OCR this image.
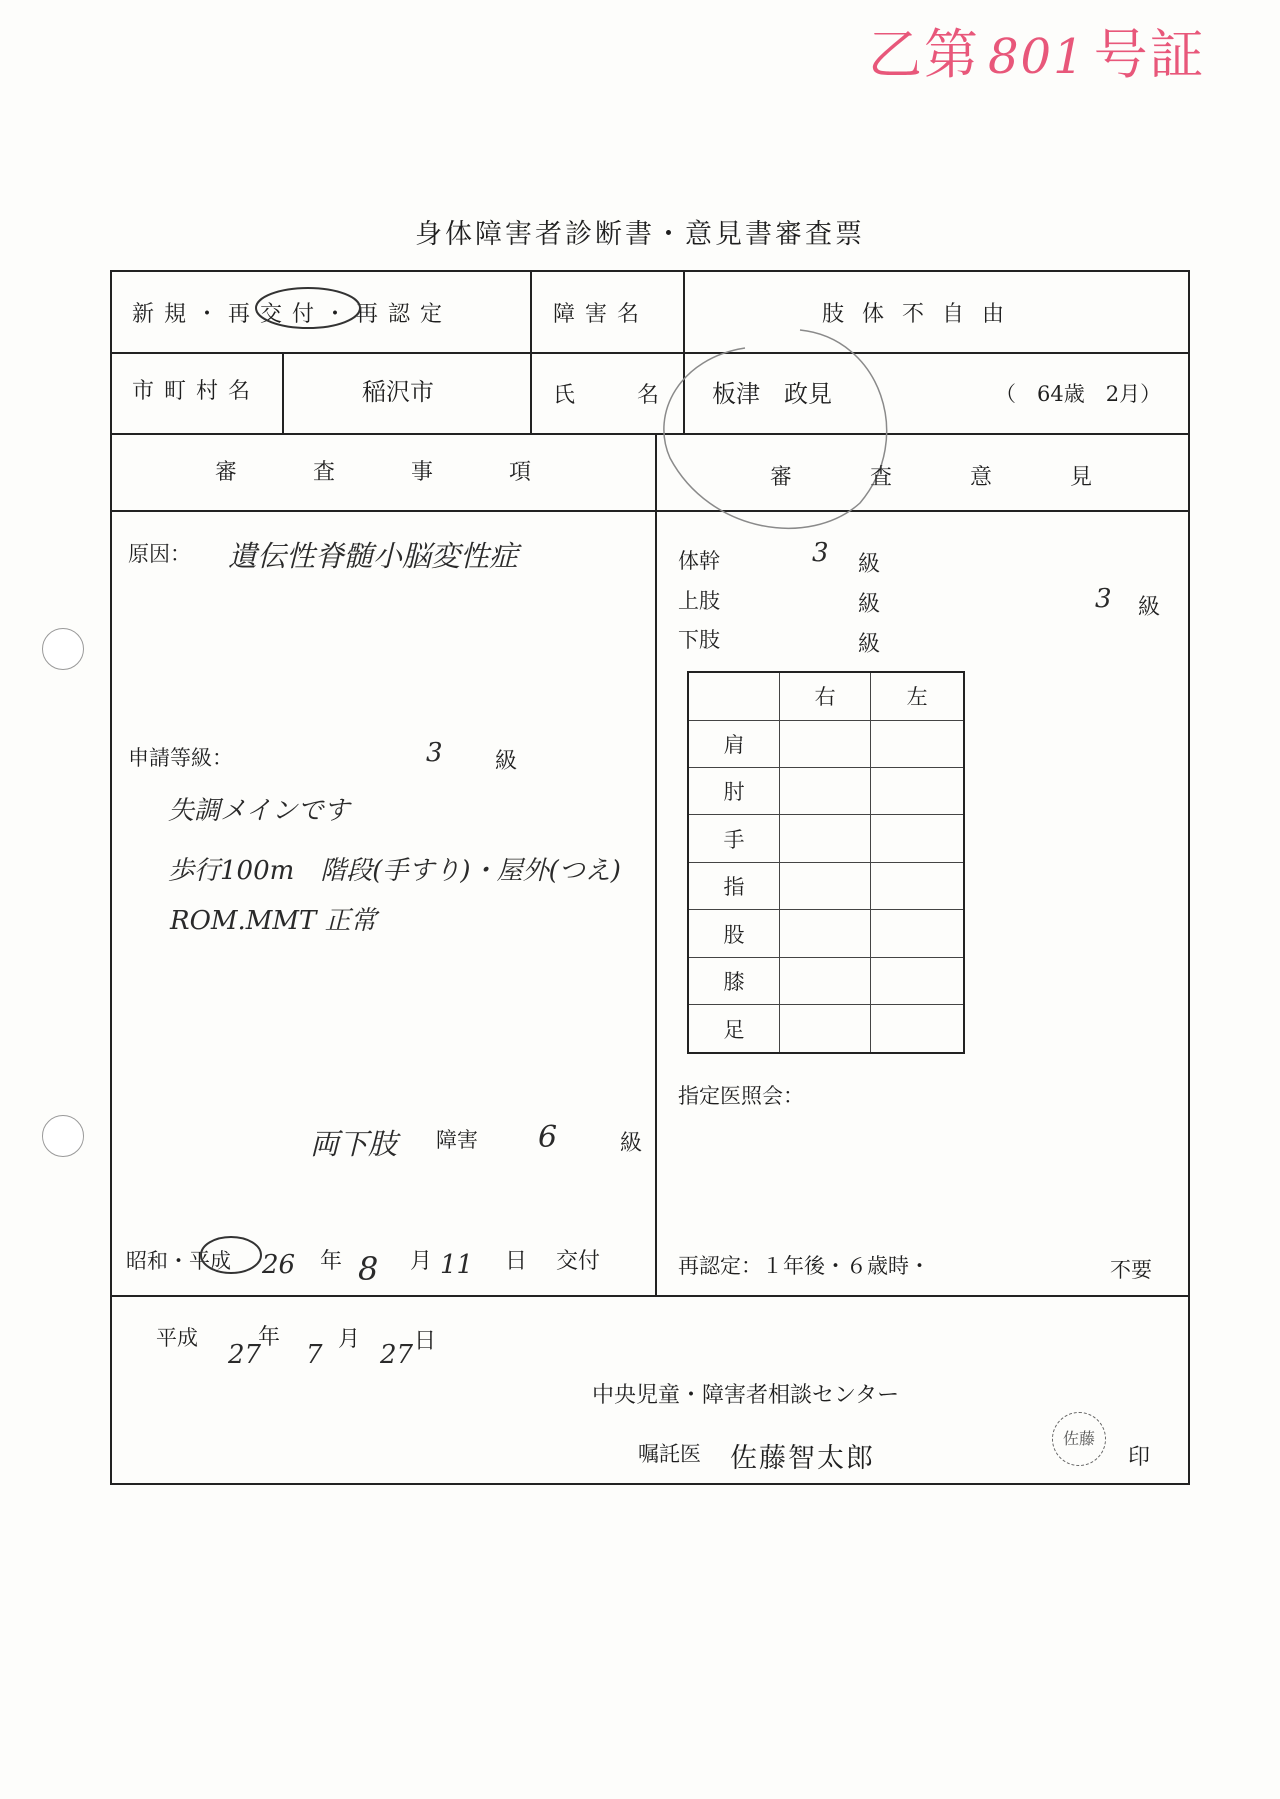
乙第 801 号証
身体障害者診断書・意見書審査票
新規・再交付・再認定	障害名	肢体不自由
市町村名	稲沢市	氏　名 板津　政見	（　64歳　2月）
審査事項	審査意見
原因： 遺伝性脊髄小脳変性症
申請等級：	3 級
失調メインです
歩行100m　階段(手すり)・屋外(つえ)
ROM.MMT 正常
両下肢 障害 6	級
昭和・平成 26 年 8 月 11 日 交付
体幹	3 級
上肢	級	3 級
下肢	級
	右	左
肩		
肘		
手		
指		
股		
膝		
足		
指定医照会：
再認定：１年後・６歳時・	不要
平成
27
年
7
月
27 日
中央児童・障害者相談センター
嘱託医 佐藤智太郎
佐藤
印
